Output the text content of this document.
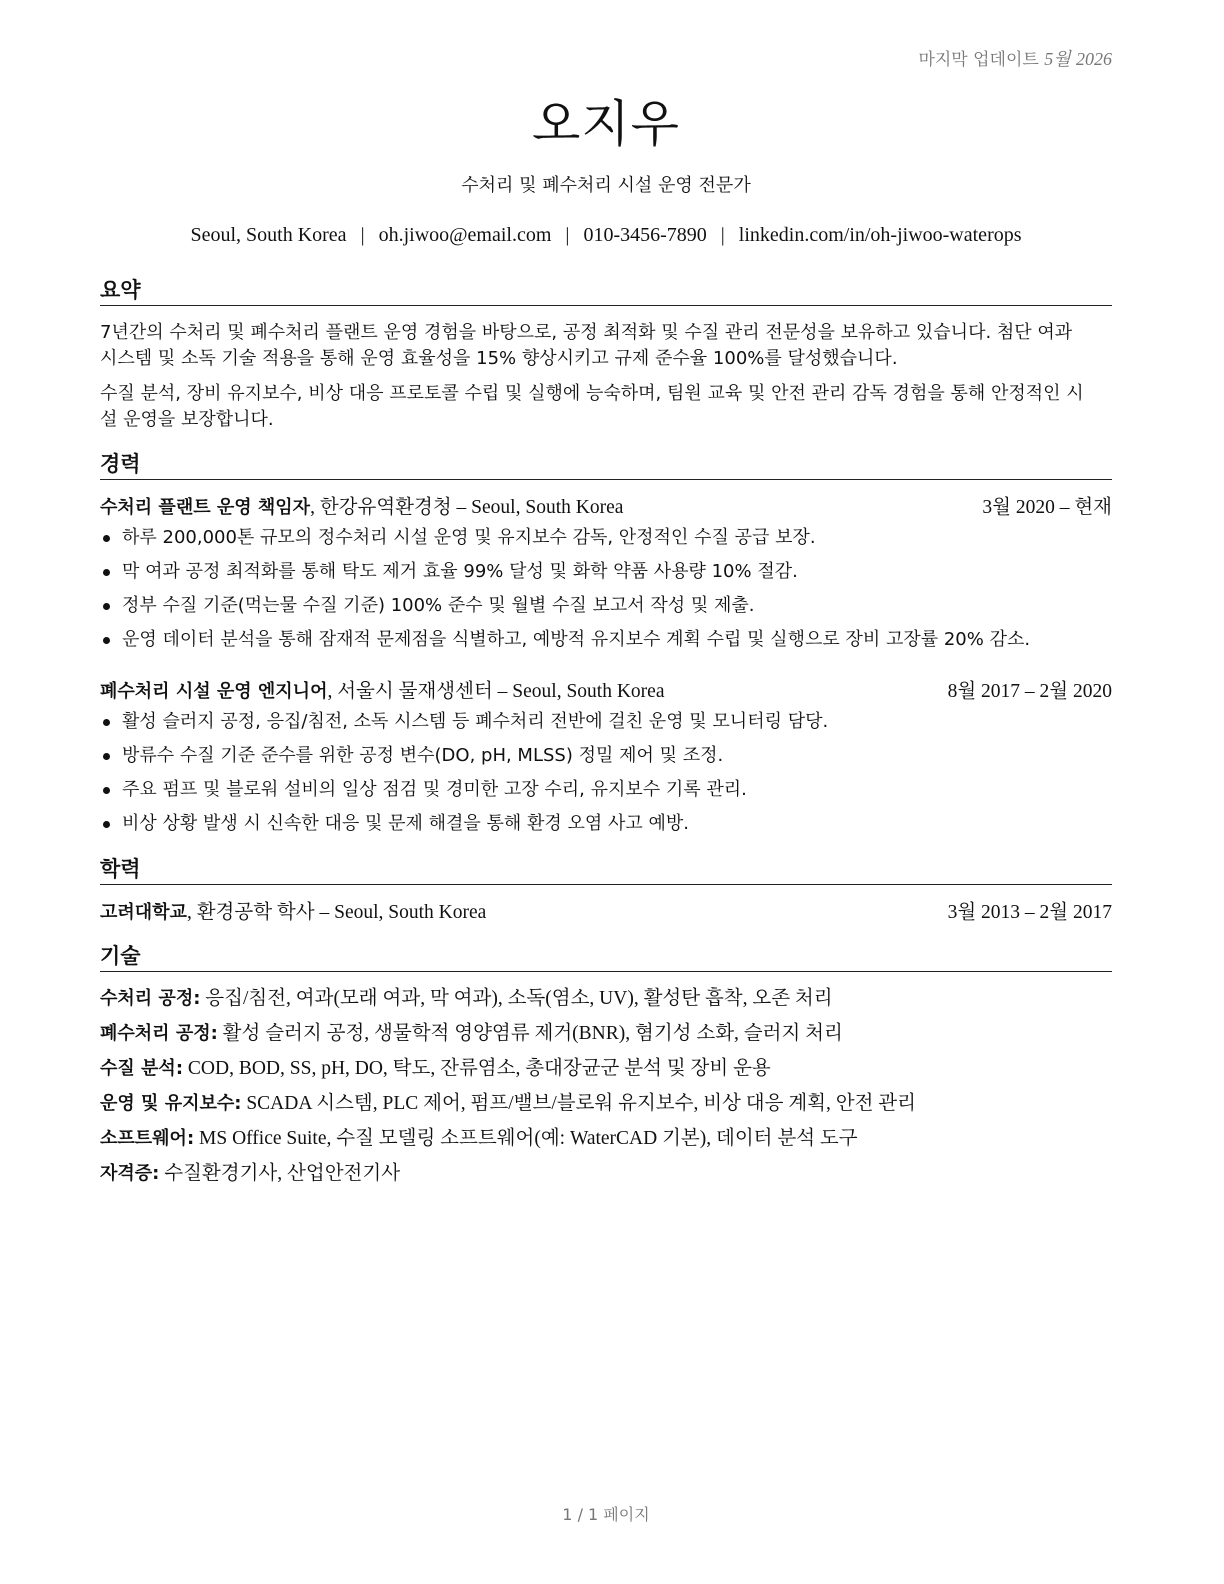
마지막 업데이트 5월 2026
오지우
수처리 및 폐수처리 시설 운영 전문가
Seoul, South Korea | oh.jiwoo@email.com | 010-3456-7890 | linkedin.com/in/oh-jiwoo-waterops
요약
7년간의 수처리 및 폐수처리 플랜트 운영 경험을 바탕으로, 공정 최적화 및 수질 관리 전문성을 보유하고 있습니다. 첨단 여과
시스템 및 소독 기술 적용을 통해 운영 효율성을 15% 향상시키고 규제 준수율 100%를 달성했습니다.
수질 분석, 장비 유지보수, 비상 대응 프로토콜 수립 및 실행에 능숙하며, 팀원 교육 및 안전 관리 감독 경험을 통해 안정적인 시
설 운영을 보장합니다.
경력
수처리 플랜트 운영 책임자, 한강유역환경청 – Seoul, South Korea	3월 2020 – 현재
하루 200,000톤 규모의 정수처리 시설 운영 및 유지보수 감독, 안정적인 수질 공급 보장.
막 여과 공정 최적화를 통해 탁도 제거 효율 99% 달성 및 화학 약품 사용량 10% 절감.
정부 수질 기준(먹는물 수질 기준) 100% 준수 및 월별 수질 보고서 작성 및 제출.
운영 데이터 분석을 통해 잠재적 문제점을 식별하고, 예방적 유지보수 계획 수립 및 실행으로 장비 고장률 20% 감소.
폐수처리 시설 운영 엔지니어, 서울시 물재생센터 – Seoul, South Korea	8월 2017 – 2월 2020
활성 슬러지 공정, 응집/침전, 소독 시스템 등 폐수처리 전반에 걸친 운영 및 모니터링 담당.
방류수 수질 기준 준수를 위한 공정 변수(DO, pH, MLSS) 정밀 제어 및 조정.
주요 펌프 및 블로워 설비의 일상 점검 및 경미한 고장 수리, 유지보수 기록 관리.
비상 상황 발생 시 신속한 대응 및 문제 해결을 통해 환경 오염 사고 예방.
학력
고려대학교, 환경공학 학사 – Seoul, South Korea	3월 2013 – 2월 2017
기술
수처리 공정: 응집/침전, 여과(모래 여과, 막 여과), 소독(염소, UV), 활성탄 흡착, 오존 처리
폐수처리 공정: 활성 슬러지 공정, 생물학적 영양염류 제거(BNR), 혐기성 소화, 슬러지 처리
수질 분석: COD, BOD, SS, pH, DO, 탁도, 잔류염소, 총대장균군 분석 및 장비 운용
운영 및 유지보수: SCADA 시스템, PLC 제어, 펌프/밸브/블로워 유지보수, 비상 대응 계획, 안전 관리
소프트웨어: MS Office Suite, 수질 모델링 소프트웨어(예: WaterCAD 기본), 데이터 분석 도구
자격증: 수질환경기사, 산업안전기사
1 / 1 페이지
